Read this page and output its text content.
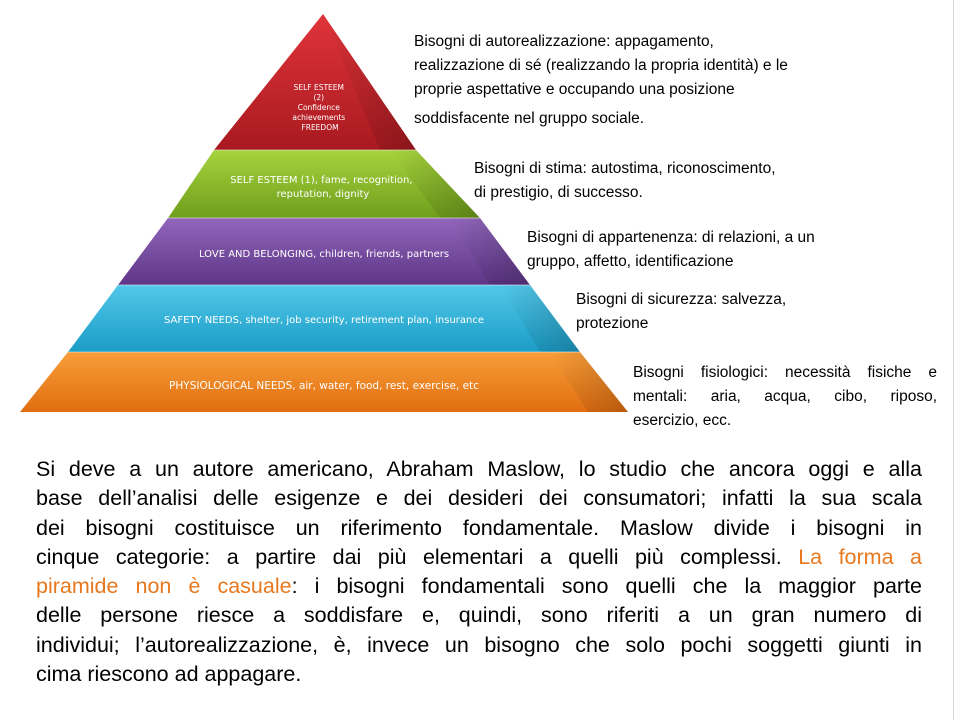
SELF ESTEEM (2) Confidence achievements FREEDOM
SELF ESTEEM (1), fame, recognition, reputation, dignity
LOVE AND BELONGING, children, friends, partners
SAFETY NEEDS, shelter, job security, retirement plan, insurance
PHYSIOLOGICAL NEEDS, air, water, food, rest, exercise, etc
Bisogni di autorealizzazione: appagamento,
realizzazione di sé (realizzando la propria identità) e le
proprie aspettative e occupando una posizione
soddisfacente nel gruppo sociale.
Bisogni di stima: autostima, riconoscimento,
di prestigio, di successo.
Bisogni di appartenenza: di relazioni, a un
gruppo, affetto, identificazione
Bisogni di sicurezza: salvezza,
protezione
Bisogni fisiologici: necessità fisiche e
mentali: aria, acqua, cibo, riposo,
esercizio, ecc.
Si deve a un autore americano, Abraham Maslow, lo studio che ancora oggi e alla
base dell’analisi delle esigenze e dei desideri dei consumatori; infatti la sua scala
dei bisogni costituisce un riferimento fondamentale. Maslow divide i bisogni in
cinque categorie: a partire dai più elementari a quelli più complessi. La forma a
piramide non è casuale: i bisogni fondamentali sono quelli che la maggior parte
delle persone riesce a soddisfare e, quindi, sono riferiti a un gran numero di
individui; l’autorealizzazione, è, invece un bisogno che solo pochi soggetti giunti in
cima riescono ad appagare.
